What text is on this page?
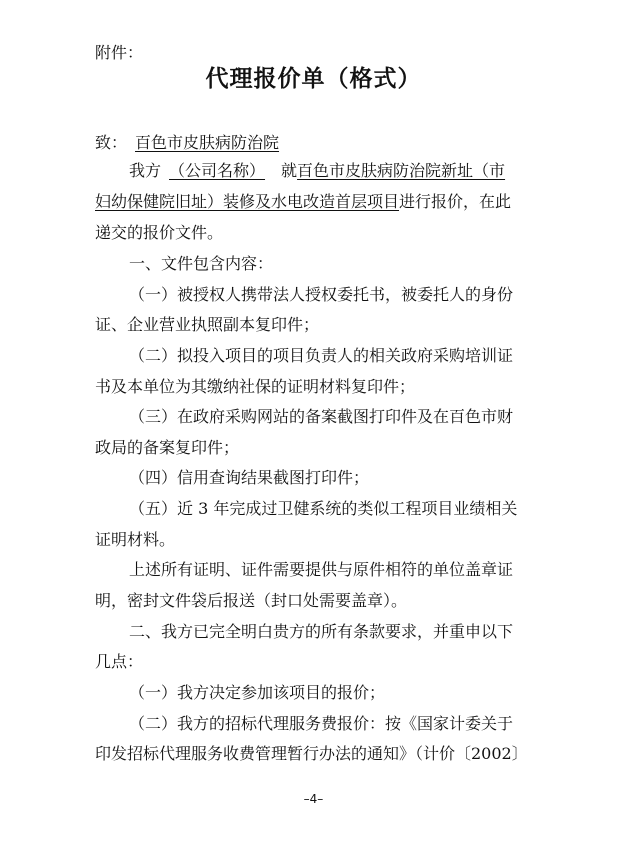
附件：
代理报价单（格式）
致： 百色市皮肤病防治院
我方 （公司名称） 就百色市皮肤病防治院新址（市
妇幼保健院旧址）装修及水电改造首层项目进行报价，在此
递交的报价文件。
一、文件包含内容：
（一）被授权人携带法人授权委托书，被委托人的身份
证、企业营业执照副本复印件；
（二）拟投入项目的项目负责人的相关政府采购培训证
书及本单位为其缴纳社保的证明材料复印件；
（三）在政府采购网站的备案截图打印件及在百色市财
政局的备案复印件；
（四）信用查询结果截图打印件；
（五）近 3 年完成过卫健系统的类似工程项目业绩相关
证明材料。
上述所有证明、证件需要提供与原件相符的单位盖章证
明，密封文件袋后报送（封口处需要盖章）。
二、我方已完全明白贵方的所有条款要求，并重申以下
几点：
（一）我方决定参加该项目的报价；
（二）我方的招标代理服务费报价：按《国家计委关于
印发招标代理服务收费管理暂行办法的通知》（计价〔2002〕
–4–
